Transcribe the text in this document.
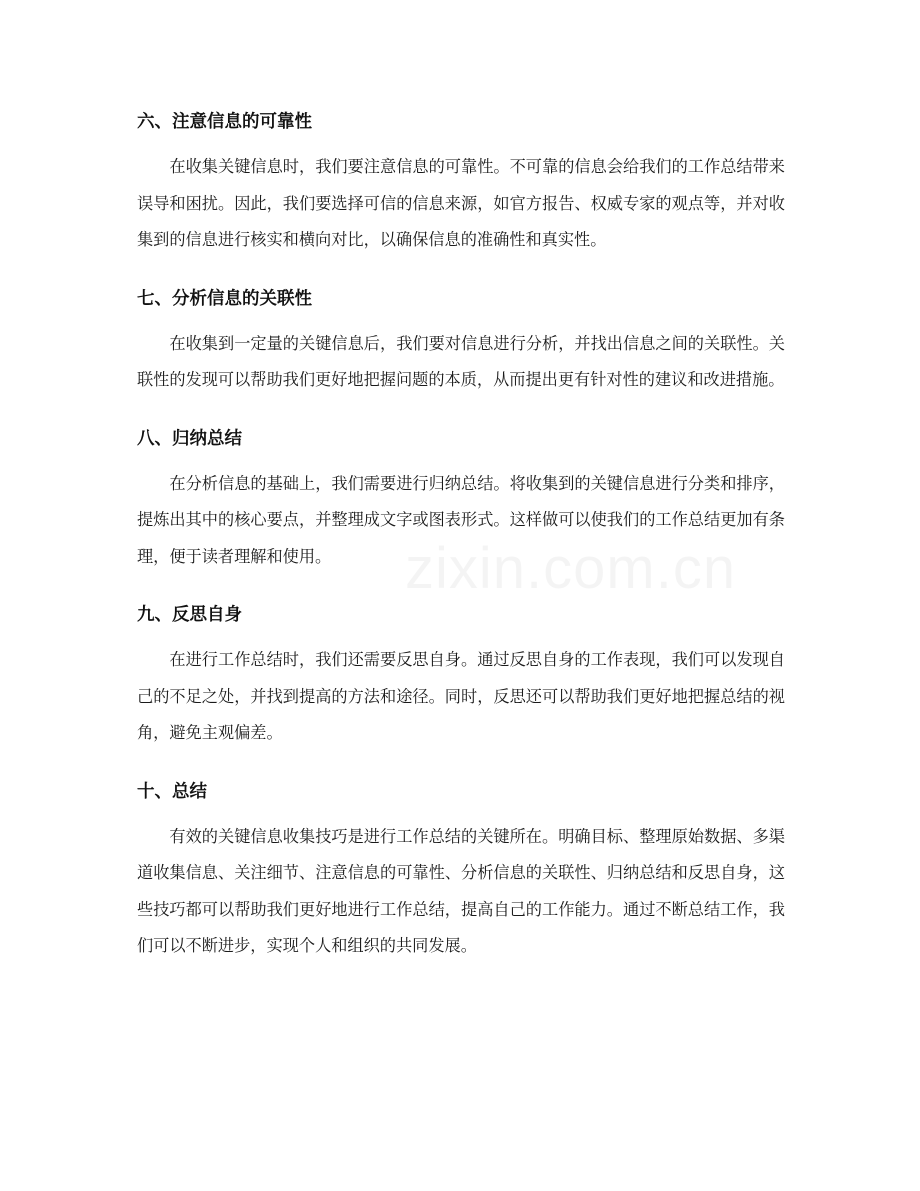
六、注意信息的可靠性

在收集关键信息时，我们要注意信息的可靠性。不可靠的信息会给我们的工作总结带来误导和困扰。因此，我们要选择可信的信息来源，如官方报告、权威专家的观点等，并对收集到的信息进行核实和横向对比，以确保信息的准确性和真实性。

七、分析信息的关联性

在收集到一定量的关键信息后，我们要对信息进行分析，并找出信息之间的关联性。关联性的发现可以帮助我们更好地把握问题的本质，从而提出更有针对性的建议和改进措施。

八、归纳总结

在分析信息的基础上，我们需要进行归纳总结。将收集到的关键信息进行分类和排序，提炼出其中的核心要点，并整理成文字或图表形式。这样做可以使我们的工作总结更加有条理，便于读者理解和使用。

九、反思自身

在进行工作总结时，我们还需要反思自身。通过反思自身的工作表现，我们可以发现自己的不足之处，并找到提高的方法和途径。同时，反思还可以帮助我们更好地把握总结的视角，避免主观偏差。

十、总结

有效的关键信息收集技巧是进行工作总结的关键所在。明确目标、整理原始数据、多渠道收集信息、关注细节、注意信息的可靠性、分析信息的关联性、归纳总结和反思自身，这些技巧都可以帮助我们更好地进行工作总结，提高自己的工作能力。通过不断总结工作，我们可以不断进步，实现个人和组织的共同发展。
